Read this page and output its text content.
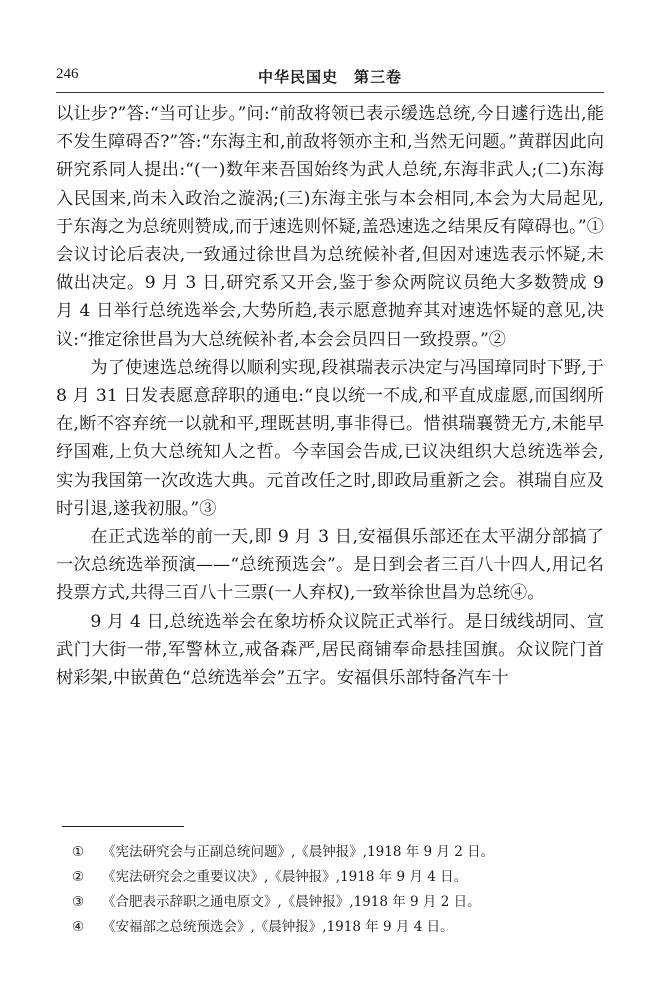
246	中华民国史　第三卷

以让步?”答:“当可让步。”问:“前敌将领已表示缓选总统,今日遽行选出,能不发生障碍否?”答:“东海主和,前敌将领亦主和,当然无问题。”黄群因此向研究系同人提出:“(一)数年来吾国始终为武人总统,东海非武人;(二)东海入民国来,尚未入政治之漩涡;(三)东海主张与本会相同,本会为大局起见,于东海之为总统则赞成,而于速选则怀疑,盖恐速选之结果反有障碍也。”①会议讨论后表决,一致通过徐世昌为总统候补者,但因对速选表示怀疑,未做出决定。9 月 3 日,研究系又开会,鉴于参众两院议员绝大多数赞成 9 月 4 日举行总统选举会,大势所趋,表示愿意抛弃其对速选怀疑的意见,决议:“推定徐世昌为大总统候补者,本会会员四日一致投票。”②

为了使速选总统得以顺利实现,段祺瑞表示决定与冯国璋同时下野,于 8 月 31 日发表愿意辞职的通电:“良以统一不成,和平直成虚愿,而国纲所在,断不容弃统一以就和平,理既甚明,事非得已。惜祺瑞襄赞无方,未能早纾国难,上负大总统知人之哲。今幸国会告成,已议决组织大总统选举会,实为我国第一次改选大典。元首改任之时,即政局重新之会。祺瑞自应及时引退,遂我初服。”③

在正式选举的前一天,即 9 月 3 日,安福俱乐部还在太平湖分部搞了一次总统选举预演——“总统预选会”。是日到会者三百八十四人,用记名投票方式,共得三百八十三票(一人弃权),一致举徐世昌为总统④。

9 月 4 日,总统选举会在象坊桥众议院正式举行。是日绒线胡同、宣武门大街一带,军警林立,戒备森严,居民商铺奉命悬挂国旗。众议院门首树彩架,中嵌黄色“总统选举会”五字。安福俱乐部特备汽车十

①	《宪法研究会与正副总统问题》,《晨钟报》,1918 年 9 月 2 日。
②	《宪法研究会之重要议决》,《晨钟报》,1918 年 9 月 4 日。
③	《合肥表示辞职之通电原文》,《晨钟报》,1918 年 9 月 2 日。
④	《安福部之总统预选会》,《晨钟报》,1918 年 9 月 4 日。
